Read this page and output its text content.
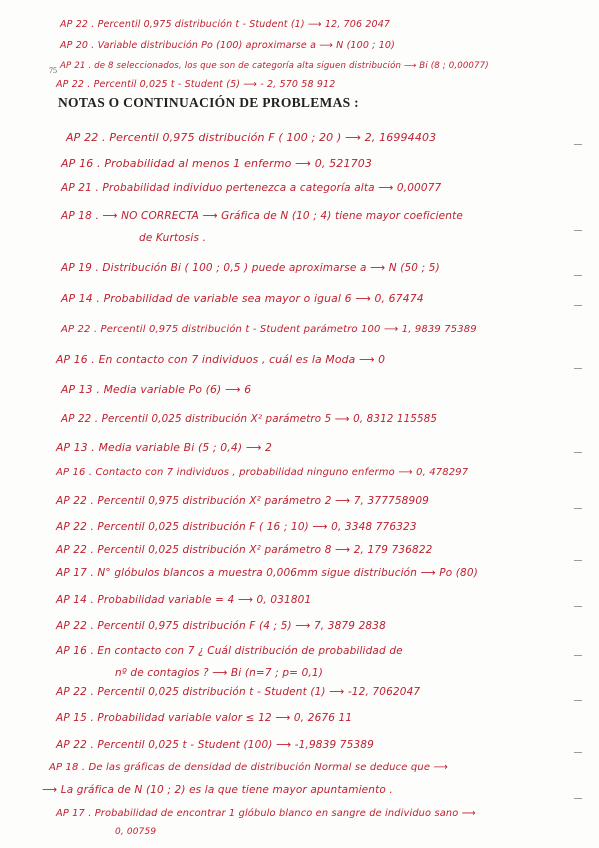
AP 22 . Percentil 0,975 distribución t - Student (1) ⟶ 12, 706 2047
AP 20 . Variable distribución Po (100) aproximarse a ⟶ N (100 ; 10)
75 AP 21 . de 8 seleccionados, los que son de categoría alta siguen distribución ⟶ Bi (8 ; 0,00077)
AP 22 . Percentil 0,025 t - Student (5) ⟶ - 2, 570 58 912
NOTAS O CONTINUACIÓN DE PROBLEMAS :
AP 22 . Percentil 0,975 distribución F ( 100 ; 20 ) ⟶ 2, 16994403
AP 16 . Probabilidad al menos 1 enfermo ⟶ 0, 521703
AP 21 . Probabilidad individuo pertenezca a categoría alta ⟶ 0,00077
AP 18 . ⟶ NO CORRECTA ⟶ Gráfica de N (10 ; 4) tiene mayor coeficiente
de Kurtosis .
AP 19 . Distribución Bi ( 100 ; 0,5 ) puede aproximarse a ⟶ N (50 ; 5)
AP 14 . Probabilidad de variable sea mayor o igual 6 ⟶ 0, 67474
AP 22 . Percentil 0,975 distribución t - Student parámetro 100 ⟶ 1, 9839 75389
AP 16 . En contacto con 7 individuos , cuál es la Moda ⟶ 0
AP 13 . Media variable Po (6) ⟶ 6
AP 22 . Percentil 0,025 distribución X² parámetro 5 ⟶ 0, 8312 115585
AP 13 . Media variable Bi (5 ; 0,4) ⟶ 2
AP 16 . Contacto con 7 individuos , probabilidad ninguno enfermo ⟶ 0, 478297
AP 22 . Percentil 0,975 distribución X² parámetro 2 ⟶ 7, 377758909
AP 22 . Percentil 0,025 distribución F ( 16 ; 10) ⟶ 0, 3348 776323
AP 22 . Percentil 0,025 distribución X² parámetro 8 ⟶ 2, 179 736822
AP 17 . N° glóbulos blancos a muestra 0,006mm sigue distribución ⟶ Po (80)
AP 14 . Probabilidad variable = 4 ⟶ 0, 031801
AP 22 . Percentil 0,975 distribución F (4 ; 5) ⟶ 7, 3879 2838
AP 16 . En contacto con 7 ¿ Cuál distribución de probabilidad de
nº de contagios ? ⟶ Bi (n=7 ; p= 0,1)
AP 22 . Percentil 0,025 distribución t - Student (1) ⟶ -12, 7062047
AP 15 . Probabilidad variable valor ≤ 12 ⟶ 0, 2676 11
AP 22 . Percentil 0,025 t - Student (100) ⟶ -1,9839 75389
AP 18 . De las gráficas de densidad de distribución Normal se deduce que ⟶
⟶ La gráfica de N (10 ; 2) es la que tiene mayor apuntamiento .
AP 17 . Probabilidad de encontrar 1 glóbulo blanco en sangre de individuo sano ⟶
0, 00759
